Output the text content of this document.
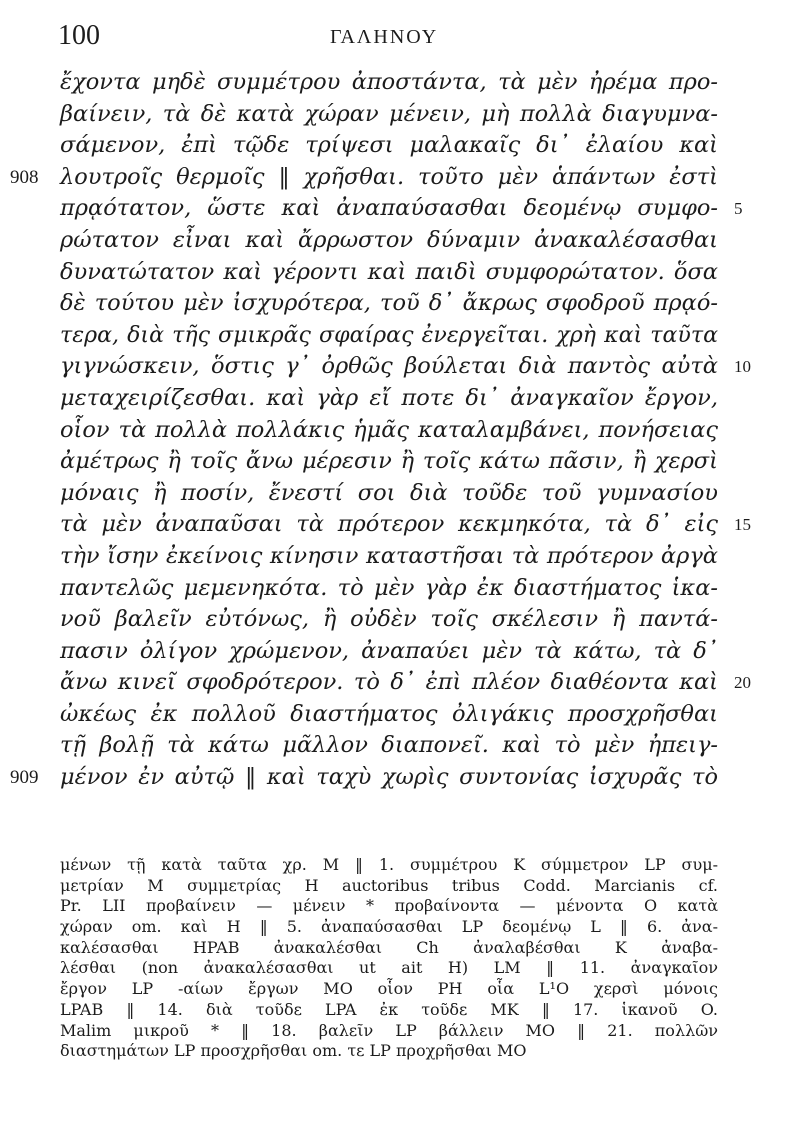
100	ΓΑΛΗΝΟΥ
ἔχοντα μηδὲ συμμέτρου ἀποστάντα, τὰ μὲν ἠρέμα προ-
βαίνειν, τὰ δὲ κατὰ χώραν μένειν, μὴ πολλὰ διαγυμνα-
σάμενον, ἐπὶ τῷδε τρίψεσι μαλακαῖς δι᾽ ἐλαίου καὶ
λουτροῖς θερμοῖς ‖ χρῆσθαι. τοῦτο μὲν ἁπάντων ἐστὶ
908
πρᾳότατον, ὥστε καὶ ἀναπαύσασθαι δεομένῳ συμφο- 5
ρώτατον εἶναι καὶ ἄρρωστον δύναμιν ἀνακαλέσασθαι
δυνατώτατον καὶ γέροντι καὶ παιδὶ συμφορώτατον. ὅσα
δὲ τούτου μὲν ἰσχυρότερα, τοῦ δ᾽ ἄκρως σφοδροῦ πρᾳό-
τερα, διὰ τῆς σμικρᾶς σφαίρας ἐνεργεῖται. χρὴ καὶ ταῦτα
γιγνώσκειν, ὅστις γ᾽ ὀρθῶς βούλεται διὰ παντὸς αὐτὰ 10
μεταχειρίζεσθαι. καὶ γὰρ εἴ ποτε δι᾽ ἀναγκαῖον ἔργον,
οἷον τὰ πολλὰ πολλάκις ἡμᾶς καταλαμβάνει, πονήσειας
ἀμέτρως ἢ τοῖς ἄνω μέρεσιν ἢ τοῖς κάτω πᾶσιν, ἢ χερσὶ
μόναις ἢ ποσίν, ἔνεστί σοι διὰ τοῦδε τοῦ γυμνασίου
τὰ μὲν ἀναπαῦσαι τὰ πρότερον κεκμηκότα, τὰ δ᾽ εἰς 15
τὴν ἴσην ἐκείνοις κίνησιν καταστῆσαι τὰ πρότερον ἀργὰ
παντελῶς μεμενηκότα. τὸ μὲν γὰρ ἐκ διαστήματος ἱκα-
νοῦ βαλεῖν εὐτόνως, ἢ οὐδὲν τοῖς σκέλεσιν ἢ παντά-
πασιν ὀλίγον χρώμενον, ἀναπαύει μὲν τὰ κάτω, τὰ δ᾽
ἄνω κινεῖ σφοδρότερον. τὸ δ᾽ ἐπὶ πλέον διαθέοντα καὶ 20
ὠκέως ἐκ πολλοῦ διαστήματος ὀλιγάκις προσχρῆσθαι
τῇ βολῇ τὰ κάτω μᾶλλον διαπονεῖ. καὶ τὸ μὲν ἠπειγ-
μένον ἐν αὐτῷ ‖ καὶ ταχὺ χωρὶς συντονίας ἰσχυρᾶς τὸ
909
μένων τῇ κατὰ ταῦτα χρ. M ‖ 1. συμμέτρου K σύμμετρον LP συμ-
μετρίαν M συμμετρίας H auctoribus tribus Codd. Marcianis cf.
Pr. LII προβαίνειν — μένειν * προβαίνοντα — μένοντα O κατὰ
χώραν om. καὶ H ‖ 5. ἀναπαύσασθαι LP δεομένῳ L ‖ 6. ἀνα-
καλέσασθαι HPAB ἀνακαλέσθαι Ch ἀναλαβέσθαι K ἀναβα-
λέσθαι (non ἀνακαλέσασθαι ut ait H) LM ‖ 11. ἀναγκαῖον
ἔργον LP -αίων ἔργων MO οἷον PH οἷα L¹O χερσὶ μόνοις
LPAB ‖ 14. διὰ τοῦδε LPA ἐκ τοῦδε MK ‖ 17. ἱκανοῦ O.
Malim μικροῦ * ‖ 18. βαλεῖν LP βάλλειν MO ‖ 21. πολλῶν
διαστημάτων LP προσχρῆσθαι om. τε LP προχρῆσθαι MO
